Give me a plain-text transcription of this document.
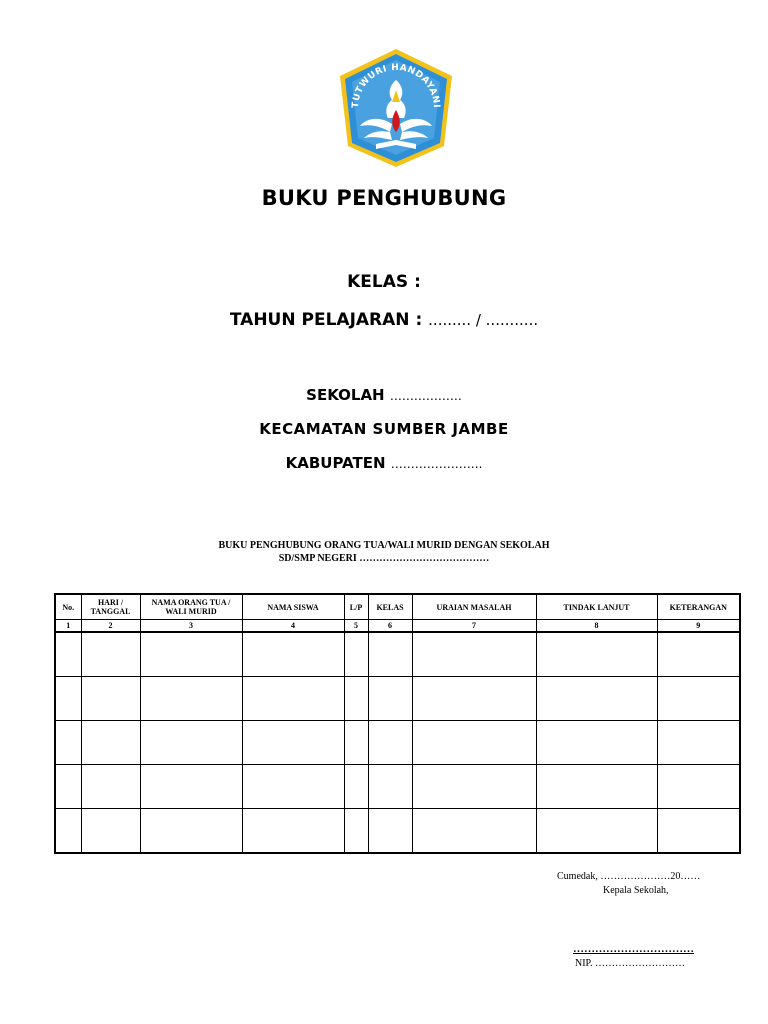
TUTWURI HANDAYANI
BUKU PENGHUBUNG
KELAS :
TAHUN PELAJARAN : ......... / ...........
SEKOLAH ………………
KECAMATAN SUMBER JAMBE
KABUPATEN …………………..
BUKU PENGHUBUNG ORANG TUA/WALI MURID DENGAN SEKOLAH
SD/SMP NEGERI …………………………………
No.	HARI / TANGGAL	NAMA ORANG TUA / WALI MURID	NAMA SISWA	L/P	KELAS	URAIAN MASALAH	TINDAK LANJUT	KETERANGAN
1	2	3	4	5	6	7	8	9

Cumedak, …………………20……
Kepala Sekolah,
……………………………
NIP. ………………………
